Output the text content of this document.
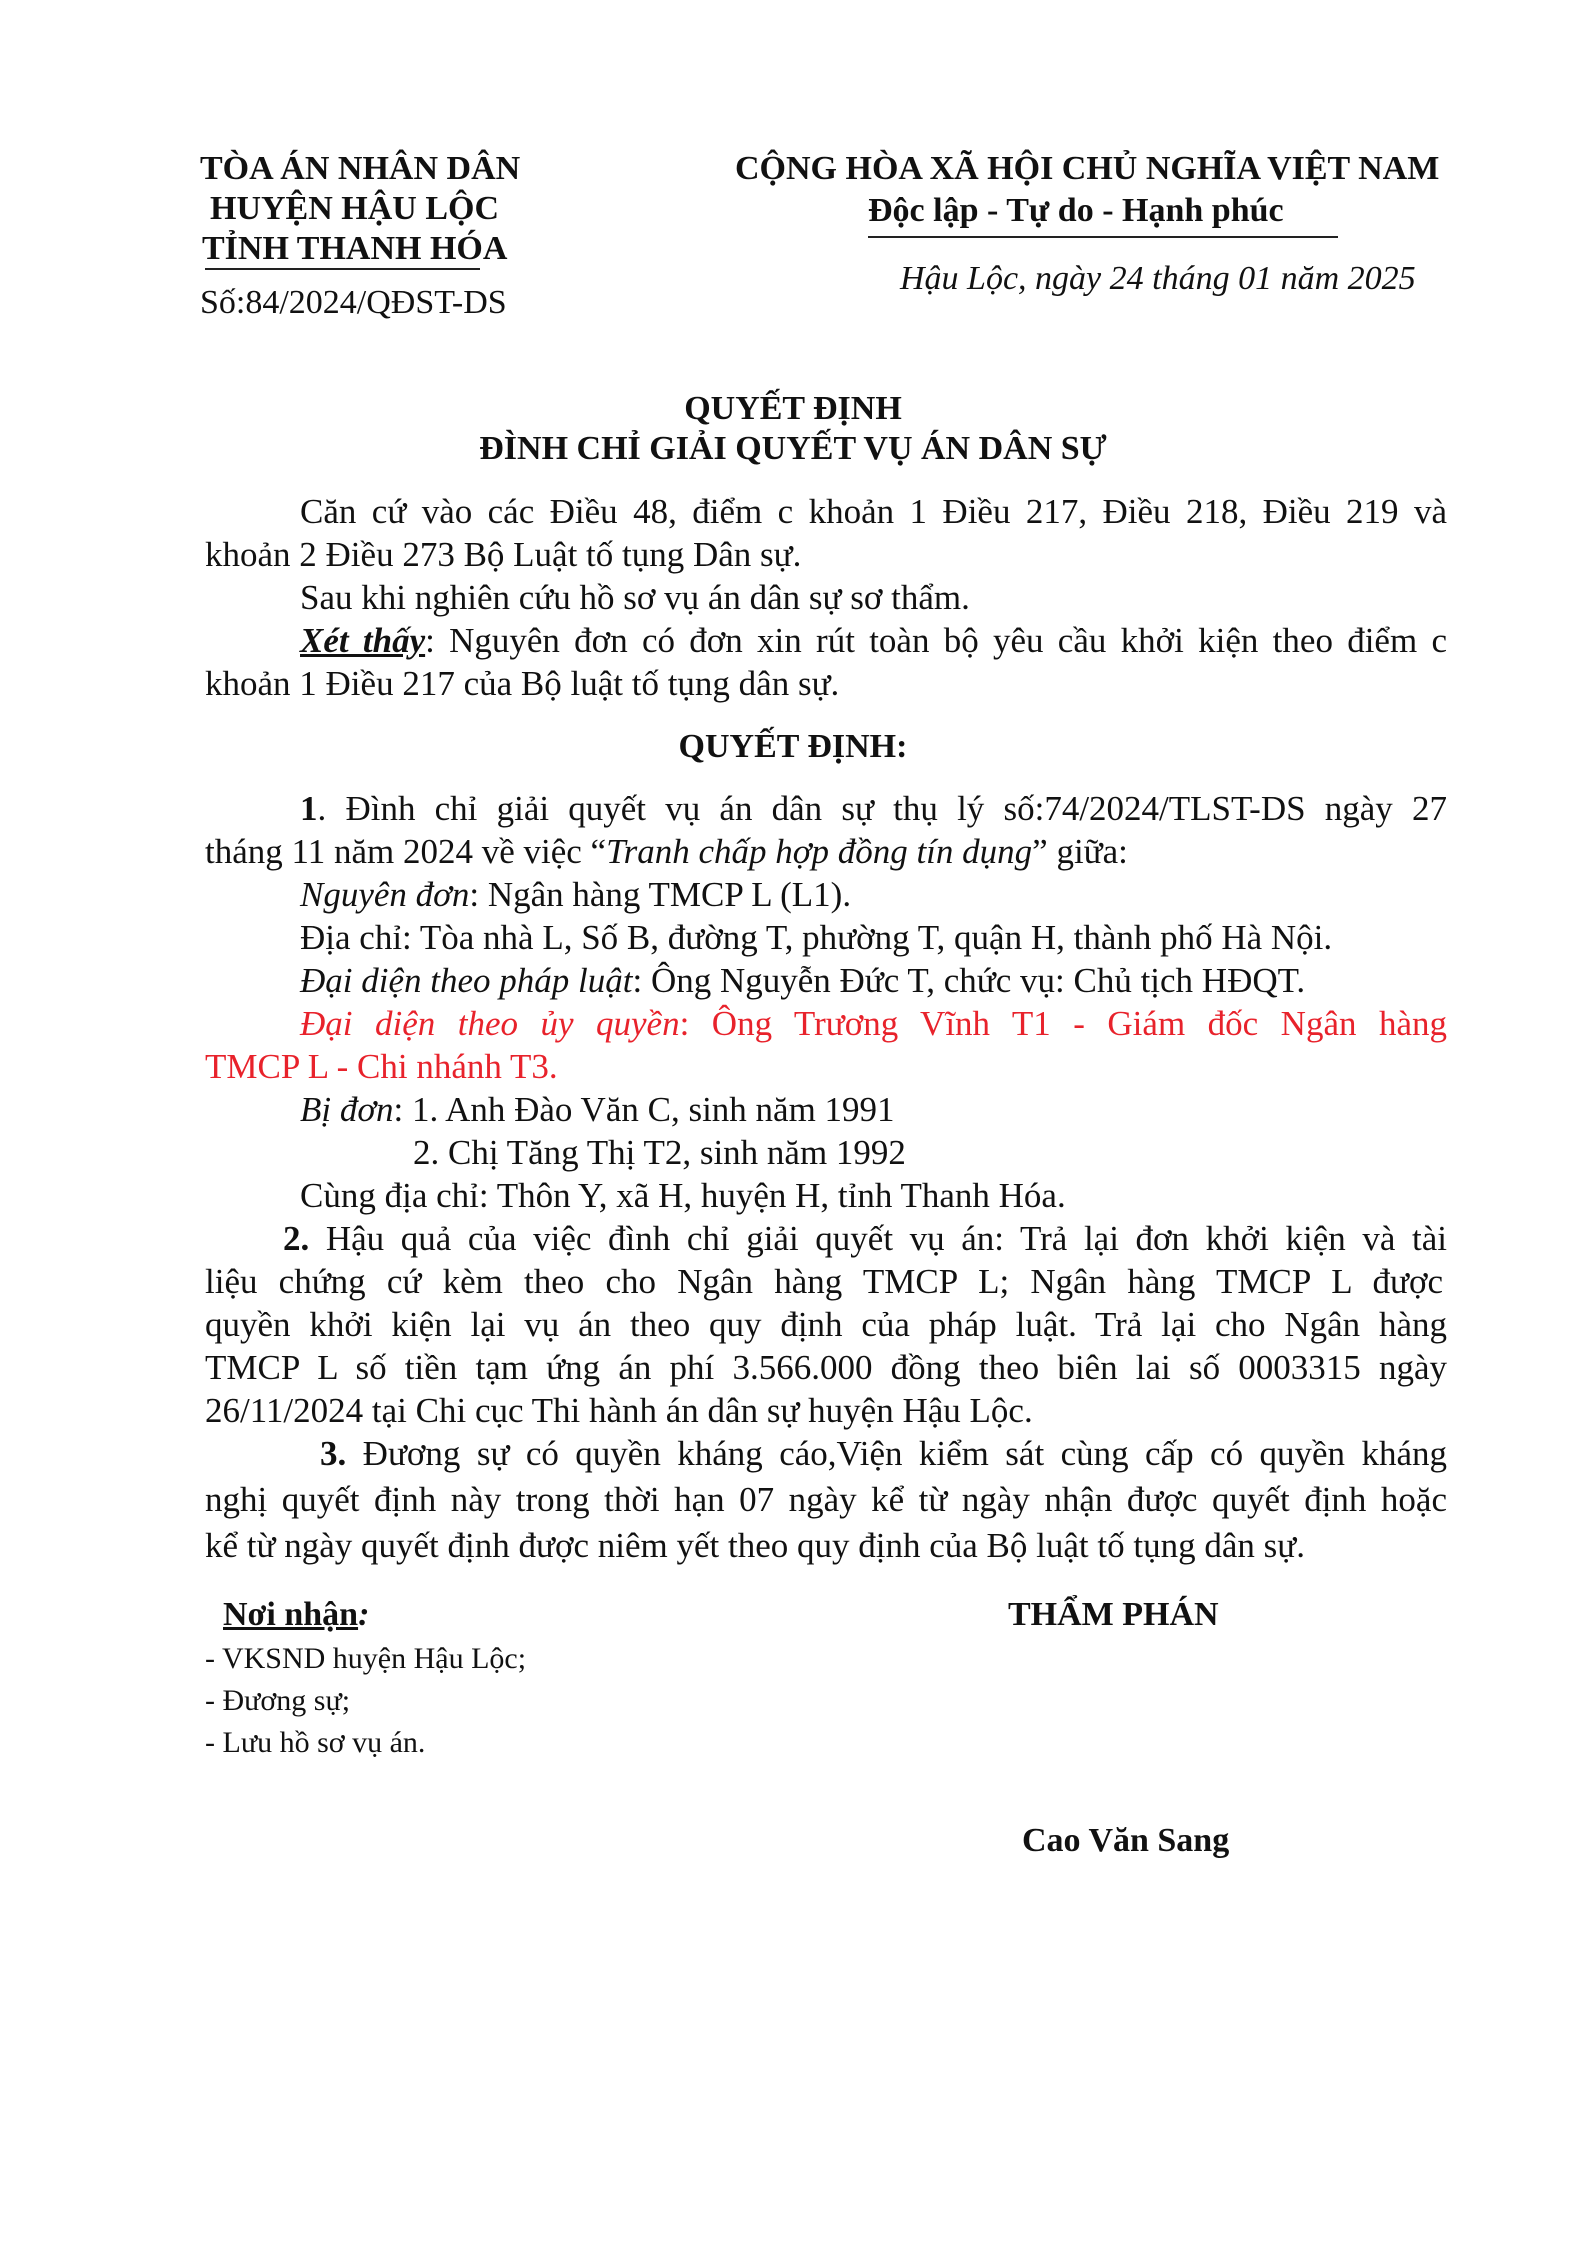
TÒA ÁN NHÂN DÂN
HUYỆN HẬU LỘC
TỈNH THANH HÓA
Số:84/2024/QĐST-DS
CỘNG HÒA XÃ HỘI CHỦ NGHĨA VIỆT NAM
Độc lập - Tự do - Hạnh phúc
Hậu Lộc, ngày 24 tháng 01 năm 2025
QUYẾT ĐỊNH
ĐÌNH CHỈ GIẢI QUYẾT VỤ ÁN DÂN SỰ
Căn cứ vào các Điều 48, điểm c khoản 1 Điều 217, Điều 218, Điều 219 và
khoản 2 Điều 273 Bộ Luật tố tụng Dân sự.
Sau khi nghiên cứu hồ sơ vụ án dân sự sơ thẩm.
Xét thấy: Nguyên đơn có đơn xin rút toàn bộ yêu cầu khởi kiện theo điểm c
khoản 1 Điều 217 của Bộ luật tố tụng dân sự.
QUYẾT ĐỊNH:
1. Đình chỉ giải quyết vụ án dân sự thụ lý số:74/2024/TLST-DS ngày 27
tháng 11 năm 2024 về việc “Tranh chấp hợp đồng tín dụng” giữa:
Nguyên đơn: Ngân hàng TMCP L (L1).
Địa chỉ: Tòa nhà L, Số B, đường T, phường T, quận H, thành phố Hà Nội.
Đại diện theo pháp luật: Ông Nguyễn Đức T, chức vụ: Chủ tịch HĐQT.
Đại diện theo ủy quyền: Ông Trương Vĩnh T1 - Giám đốc Ngân hàng
TMCP L - Chi nhánh T3.
Bị đơn: 1. Anh Đào Văn C, sinh năm 1991
2. Chị Tăng Thị T2, sinh năm 1992
Cùng địa chỉ: Thôn Y, xã H, huyện H, tỉnh Thanh Hóa.
2. Hậu quả của việc đình chỉ giải quyết vụ án: Trả lại đơn khởi kiện và tài
liệu chứng cứ kèm theo cho Ngân hàng TMCP L; Ngân hàng TMCP L được
quyền khởi kiện lại vụ án theo quy định của pháp luật. Trả lại cho Ngân hàng
TMCP L số tiền tạm ứng án phí 3.566.000 đồng theo biên lai số 0003315 ngày
26/11/2024 tại Chi cục Thi hành án dân sự huyện Hậu Lộc.
3. Đương sự có quyền kháng cáo,Viện kiểm sát cùng cấp có quyền kháng
nghị quyết định này trong thời hạn 07 ngày kể từ ngày nhận được quyết định hoặc
kể từ ngày quyết định được niêm yết theo quy định của Bộ luật tố tụng dân sự.
Nơi nhận:
- VKSND huyện Hậu Lộc;
- Đương sự;
- Lưu hồ sơ vụ án.
THẨM PHÁN
Cao Văn Sang
